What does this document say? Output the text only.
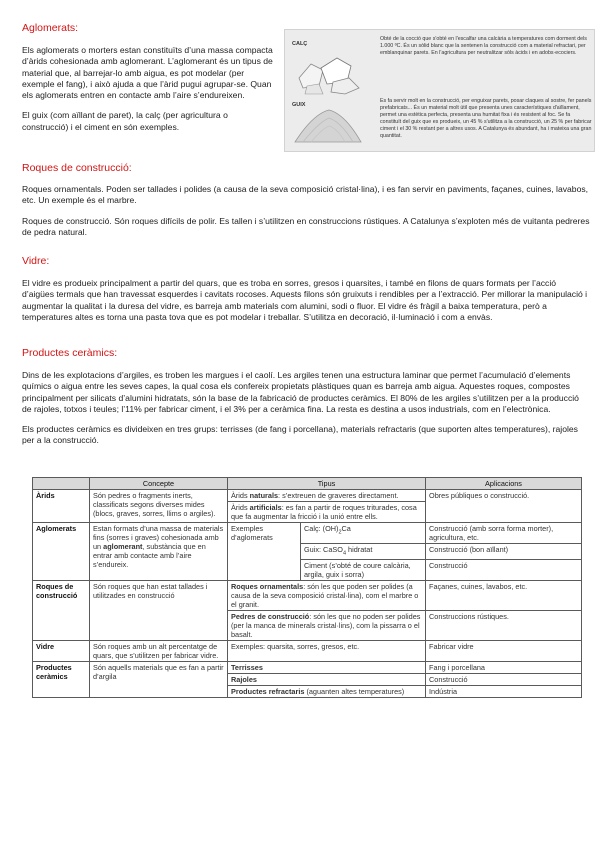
Aglomerats:

Els aglomerats o morters estan constituïts d’una massa compacta d’àrids cohesionada amb aglomerant. L’aglomerant és un tipus de material que, al barrejar-lo amb aigua, es pot modelar (per exemple el fang), i això ajuda a que l’àrid pugui agrupar-se. Quan els aglomerats entren en contacte amb l’aire s’endureixen.

El guix (com aïllant de paret), la calç (per agricultura o construcció) i el ciment en són exemples.

CALÇ
Obté de la cocció que s'obté en l'escalfar una calcària a temperatures com dorment dels 1.000 ºC. És un sòlid blanc que la sentenen la construcció com a material refractari, per emblanquinar parets. En l'agricultura per neutralitzar sòls àcids i en adobs·ecociers.
GUIX
Es fa servir molt en la construcció, per enguixar parets, posar claques al sostre, fer panels prefabricats... És un material molt útil que presenta unes característiques d'aïllament, permet una estètica perfecta, presenta una humitat fixa i és resistent al foc. Se fa constituït del guix que es produeix, un 45 % s'utilitza a la construcció, un 25 % per fabricar ciment i el 30 % restant per a altres usos. A Catalunya és abundant, ha i mateixa una gran quantitat.
Roques de construcció:

Roques ornamentals. Poden ser tallades i polides (a causa de la seva composició cristal·lina), i es fan servir en paviments, façanes, cuines, lavabos, etc. Un exemple és el marbre.

Roques de construcció. Són roques difícils de polir. Es tallen i s’utilitzen en construccions rústiques. A Catalunya s’exploten més de vuitanta pedreres de pedra natural.

Vidre:

El vidre es produeix principalment a partir del quars, que es troba en sorres, gresos i quarsites, i també en filons de quars formats per l’acció d’aigües termals que han travessat esquerdes i cavitats rocoses. Aquests filons són gruixuts i rendibles per a l’extracció. Per millorar la manipulació i augmentar la qualitat i la duresa del vidre, es barreja amb materials com alumini, sodi o fluor. El vidre és fràgil a baixa temperatura, però a temperatures altes es torna una pasta tova que es pot modelar i treballar. S’utilitza en decoració, il·luminació i com a envàs.

Productes ceràmics:

Dins de les explotacions d’argiles, es troben les margues i el caolí. Les argiles tenen una estructura laminar que permet l’acumulació d’elements químics o aigua entre les seves capes, la qual cosa els confereix propietats plàstiques quan es barreja amb aigua. Aquestes roques, compostes principalment per silicats d’alumini hidratats, són la base de la fabricació de productes ceràmics. El 80% de les argiles s’utilitzen per a la producció de rajoles, totxos i teules; l’11% per fabricar ciment, i el 3% per a ceràmica fina. La resta es destina a usos industrials, com en l’electrònica.

Els productes ceràmics es divideixen en tres grups: terrisses (de fang i porcellana), materials refractaris (que suporten altes temperatures), rajoles per a la construcció.

	Concepte	Tipus		Aplicacions
Àrids	Són pedres o fragments inerts, classificats segons diverses mides (blocs, graves, sorres, llims o argiles).	Àrids naturals: s’extreuen de graveres directament.		Obres públiques o construcció.
		Àrids artificials: es fan a partir de roques triturades, cosa que fa augmentar la fricció i la unió entre ells.		
Aglomerats	Estan formats d’una massa de materials fins (sorres i graves) cohesionada amb un aglomerant, substància que en entrar amb contacte amb l’aire s’endureix.	Exemples d’aglomerats	Calç: $(OH)_2Ca$	Construcció (amb sorra forma morter), agricultura, etc.
			Guix: CaSO$_4$ hidratat	Construcció (bon aïllant)
			Ciment (s’obté de coure calcària, argila, guix i sorra)	Construcció
Roques de construcció	Són roques que han estat tallades i utilitzades en construcció	Roques ornamentals: són les que poden ser polides (a causa de la seva composició cristal·lina), com el marbre o el granit.		Façanes, cuines, lavabos, etc.
		Pedres de construcció: són les que no poden ser polides (per la manca de minerals cristal·lins), com la pissarra o el basalt.		Construccions rústiques.
Vidre	Són roques amb un alt percentatge de quars, que s’utilitzen per fabricar vidre.	Exemples: quarsita, sorres, gresos, etc.		Fabricar vidre
Productes ceràmics	Són aquells materials que es fan a partir d’argila	Terrisses		Fang i porcellana
		Rajoles		Construcció
		Productes refractaris (aguanten altes temperatures)		Indústria
